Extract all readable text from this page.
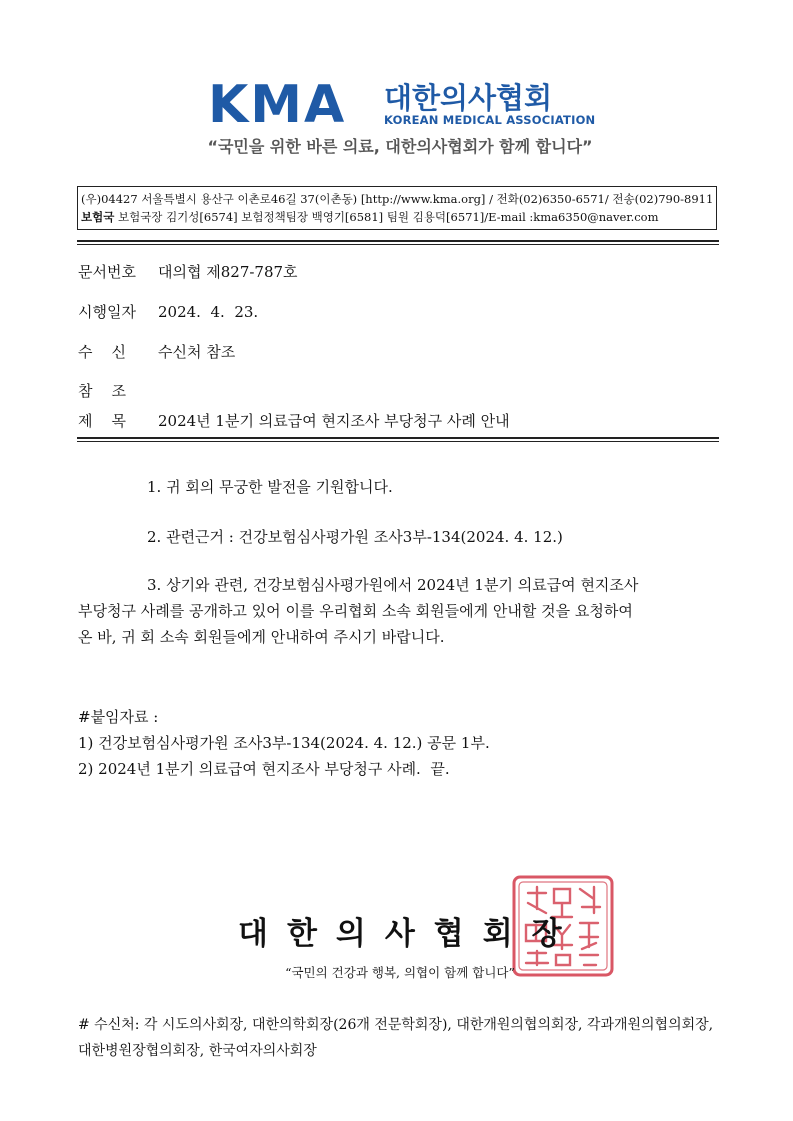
KMA 대한의사협회
KOREAN MEDICAL ASSOCIATION
“국민을 위한 바른 의료, 대한의사협회가 함께 합니다”
(우)04427 서울특별시 용산구 이촌로46길 37(이촌동) [http://www.kma.org] / 전화(02)6350-6571/ 전송(02)790-8911
보험국 보험국장 김기성[6574] 보험정책팀장 백영기[6581] 팀원 김용덕[6571]/E-mail :kma6350@naver.com
문서번호 대의협 제827-787호
시행일자 2024.  4.  23.
수    신 수신처 참조
참    조
제    목 2024년 1분기 의료급여 현지조사 부당청구 사례 안내
1. 귀 회의 무궁한 발전을 기원합니다.
2. 관련근거 : 건강보험심사평가원 조사3부-134(2024. 4. 12.)
3. 상기와 관련, 건강보험심사평가원에서 2024년 1분기 의료급여 현지조사
부당청구 사례를 공개하고 있어 이를 우리협회 소속 회원들에게 안내할 것을 요청하여
온 바, 귀 회 소속 회원들에게 안내하여 주시기 바랍니다.
#붙임자료 :
1) 건강보험심사평가원 조사3부-134(2024. 4. 12.) 공문 1부.
2) 2024년 1분기 의료급여 현지조사 부당청구 사례.  끝.
대한의사협회장
“국민의 건강과 행복, 의협이 함께 합니다”
# 수신처: 각 시도의사회장, 대한의학회장(26개 전문학회장), 대한개원의협의회장, 각과개원의협의회장, 대한병원장협의회장, 한국여자의사회장
